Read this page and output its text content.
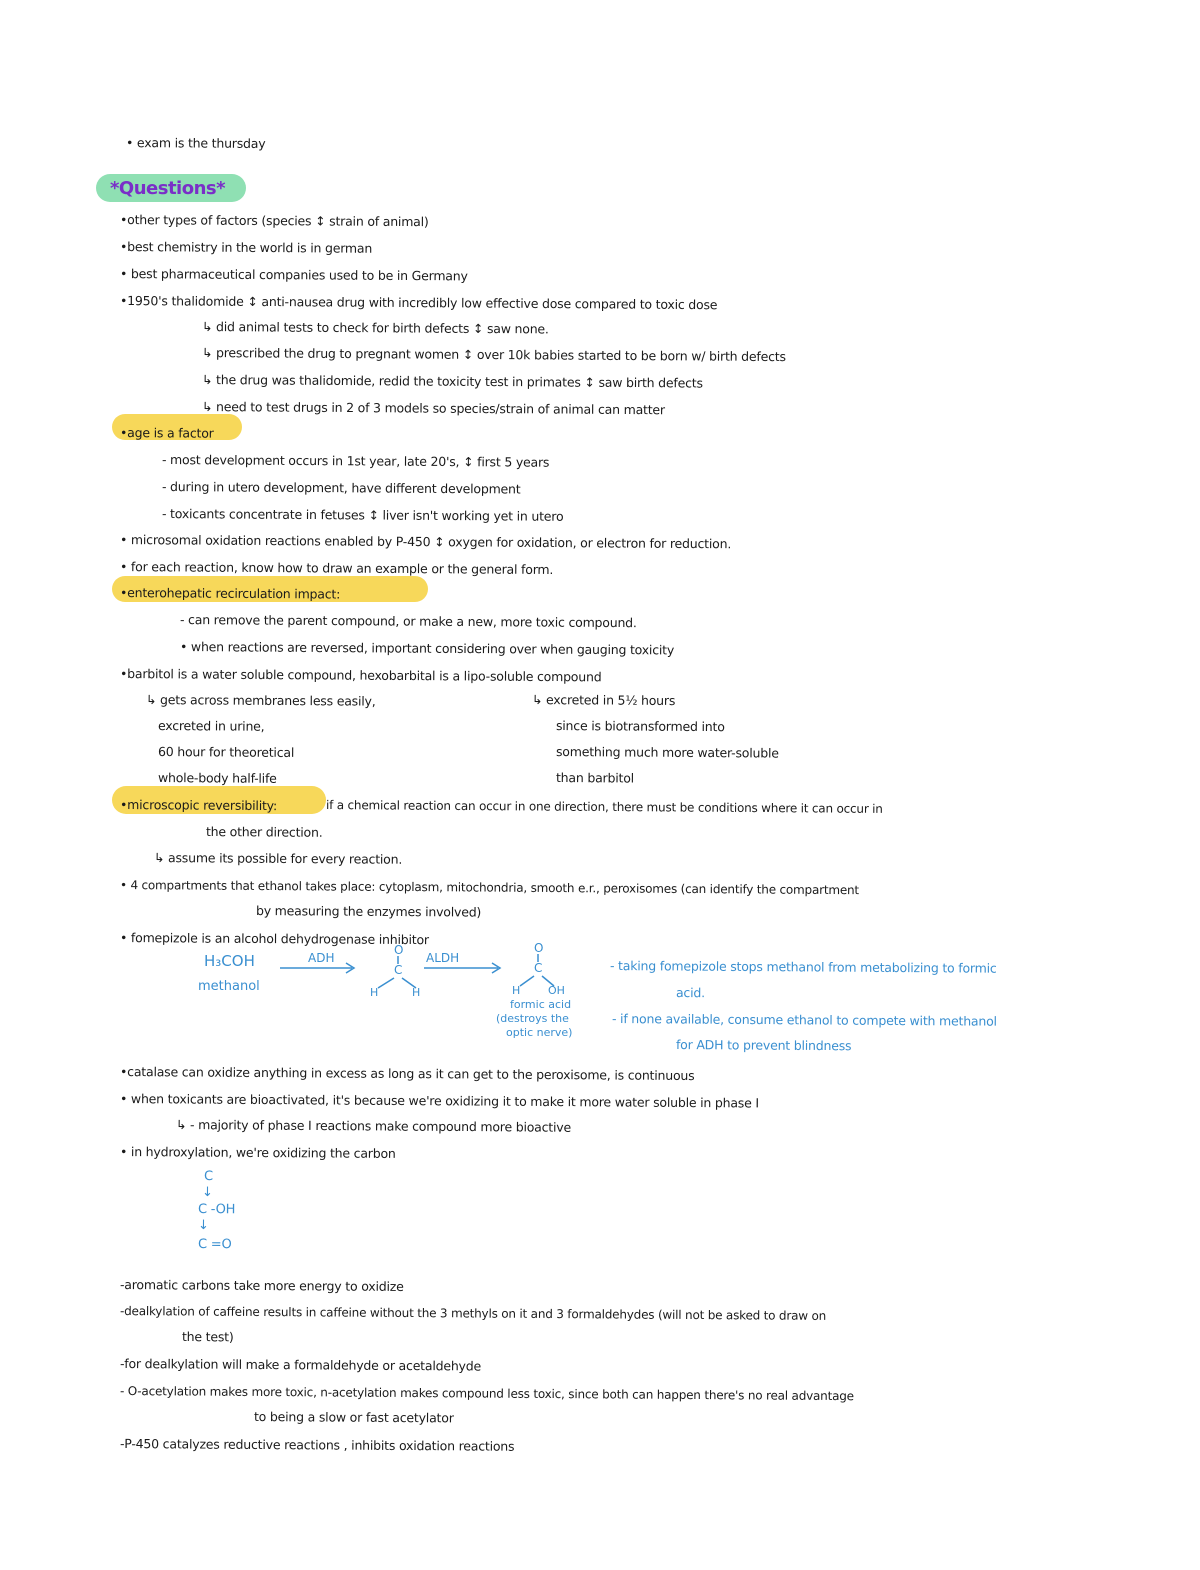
*Questions*
• exam is the thursday
•other types of factors (species ↕ strain of animal)
•best chemistry in the world is in german
• best pharmaceutical companies used to be in Germany
•1950's thalidomide ↕ anti-nausea drug with incredibly low effective dose compared to toxic dose
↳ did animal tests to check for birth defects ↕ saw none.
↳ prescribed the drug to pregnant women ↕ over 10k babies started to be born w/ birth defects
↳ the drug was thalidomide, redid the toxicity test in primates ↕ saw birth defects
↳ need to test drugs in 2 of 3 models so species/strain of animal can matter
•age is a factor
- most development occurs in 1st year, late 20's, ↕ first 5 years
- during in utero development, have different development
- toxicants concentrate in fetuses ↕ liver isn't working yet in utero
• microsomal oxidation reactions enabled by P-450 ↕ oxygen for oxidation, or electron for reduction.
• for each reaction, know how to draw an example or the general form.
•enterohepatic recirculation impact:
- can remove the parent compound, or make a new, more toxic compound.
• when reactions are reversed, important considering over when gauging toxicity
•barbitol is a water soluble compound, hexobarbital is a lipo-soluble compound
↳ gets across membranes less easily,
excreted in urine,
60 hour for theoretical
whole-body half-life
↳ excreted in 5½ hours
since is biotransformed into
something much more water-soluble
than barbitol
•microscopic reversibility:	if a chemical reaction can occur in one direction, there must be conditions where it can occur in
the other direction.
↳ assume its possible for every reaction.
• 4 compartments that ethanol takes place: cytoplasm, mitochondria, smooth e.r., peroxisomes (can identify the compartment
by measuring the enzymes involved)
• fomepizole is an alcohol dehydrogenase inhibitor
H₃COH
methanol
ADH	ALDH
O
C
H	H
O
C
H	OH
formic acid
(destroys the
optic nerve)
- taking fomepizole stops methanol from metabolizing to formic
acid.
- if none available, consume ethanol to compete with methanol
for ADH to prevent blindness
•catalase can oxidize anything in excess as long as it can get to the peroxisome, is continuous
• when toxicants are bioactivated, it's because we're oxidizing it to make it more water soluble in phase I
↳ - majority of phase I reactions make compound more bioactive
• in hydroxylation, we're oxidizing the carbon
C
↓
C -OH
↓
C =O
-aromatic carbons take more energy to oxidize
-dealkylation of caffeine results in caffeine without the 3 methyls on it and 3 formaldehydes (will not be asked to draw on
the test)
-for dealkylation will make a formaldehyde or acetaldehyde
- O-acetylation makes more toxic, n-acetylation makes compound less toxic, since both can happen there's no real advantage
to being a slow or fast acetylator
-P-450 catalyzes reductive reactions , inhibits oxidation reactions
